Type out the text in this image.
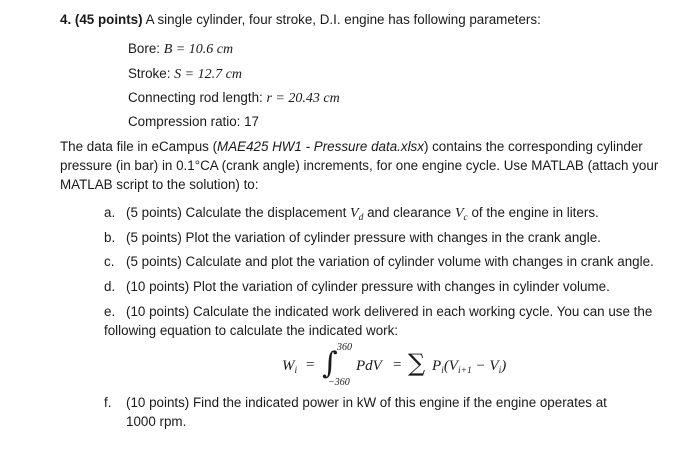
4. (45 points) A single cylinder, four stroke, D.I. engine has following parameters:
Bore: B = 10.6 cm
Stroke: S = 12.7 cm
Connecting rod length: r = 20.43 cm
Compression ratio: 17
The data file in eCampus (MAE425 HW1 - Pressure data.xlsx) contains the corresponding cylinder
pressure (in bar) in 0.1°CA (crank angle) increments, for one engine cycle. Use MATLAB (attach your
MATLAB script to the solution) to:
a. (5 points) Calculate the displacement $V_d$ and clearance $V_c$ of the engine in liters.
b. (5 points) Plot the variation of cylinder pressure with changes in the crank angle.
c. (5 points) Calculate and plot the variation of cylinder volume with changes in crank angle.
d. (10 points) Plot the variation of cylinder pressure with changes in cylinder volume.
e. (10 points) Calculate the indicated work delivered in each working cycle. You can use the
following equation to calculate the indicated work:
$W_i$ = ∫ 360
−360
PdV = ∑ $P_i(V_{i+1} - V_i)$
f. (10 points) Find the indicated power in kW of this engine if the engine operates at
1000 rpm.
